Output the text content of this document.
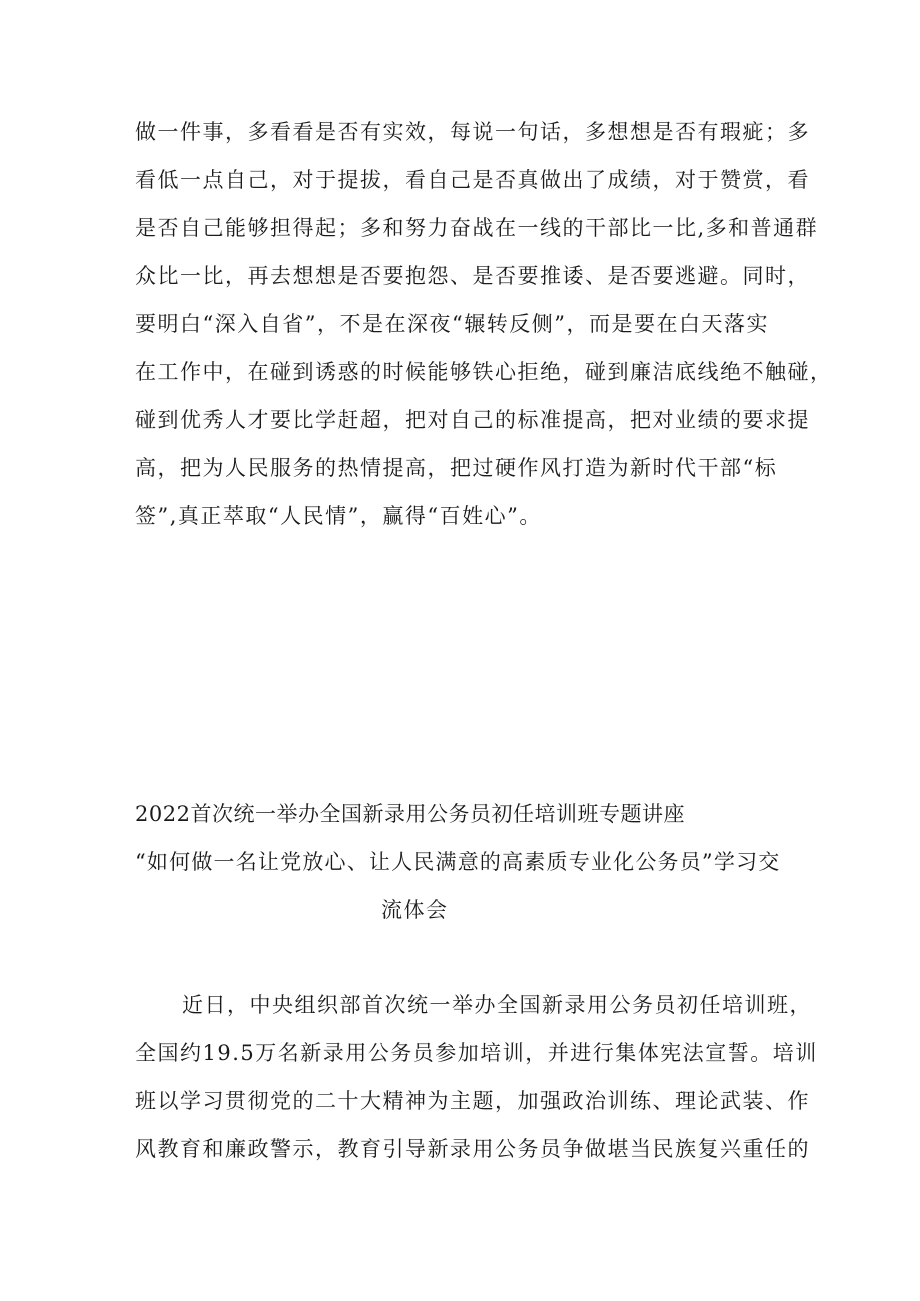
做一件事，多看看是否有实效，每说一句话，多想想是否有瑕疵；多
看低一点自己，对于提拔，看自己是否真做出了成绩，对于赞赏，看
是否自己能够担得起；多和努力奋战在一线的干部比一比,多和普通群
众比一比，再去想想是否要抱怨、是否要推诿、是否要逃避。同时，
要明白“深入自省”，不是在深夜“辗转反侧”，而是要在白天落实
在工作中，在碰到诱惑的时候能够铁心拒绝，碰到廉洁底线绝不触碰，
碰到优秀人才要比学赶超，把对自己的标准提高，把对业绩的要求提
高，把为人民服务的热情提高，把过硬作风打造为新时代干部“标
签”,真正萃取“人民情”，赢得“百姓心”。
2022首次统一举办全国新录用公务员初任培训班专题讲座
“如何做一名让党放心、让人民满意的高素质专业化公务员”学习交
流体会
近日，中央组织部首次统一举办全国新录用公务员初任培训班，
全国约19.5万名新录用公务员参加培训，并进行集体宪法宣誓。培训
班以学习贯彻党的二十大精神为主题，加强政治训练、理论武装、作
风教育和廉政警示，教育引导新录用公务员争做堪当民族复兴重任的
